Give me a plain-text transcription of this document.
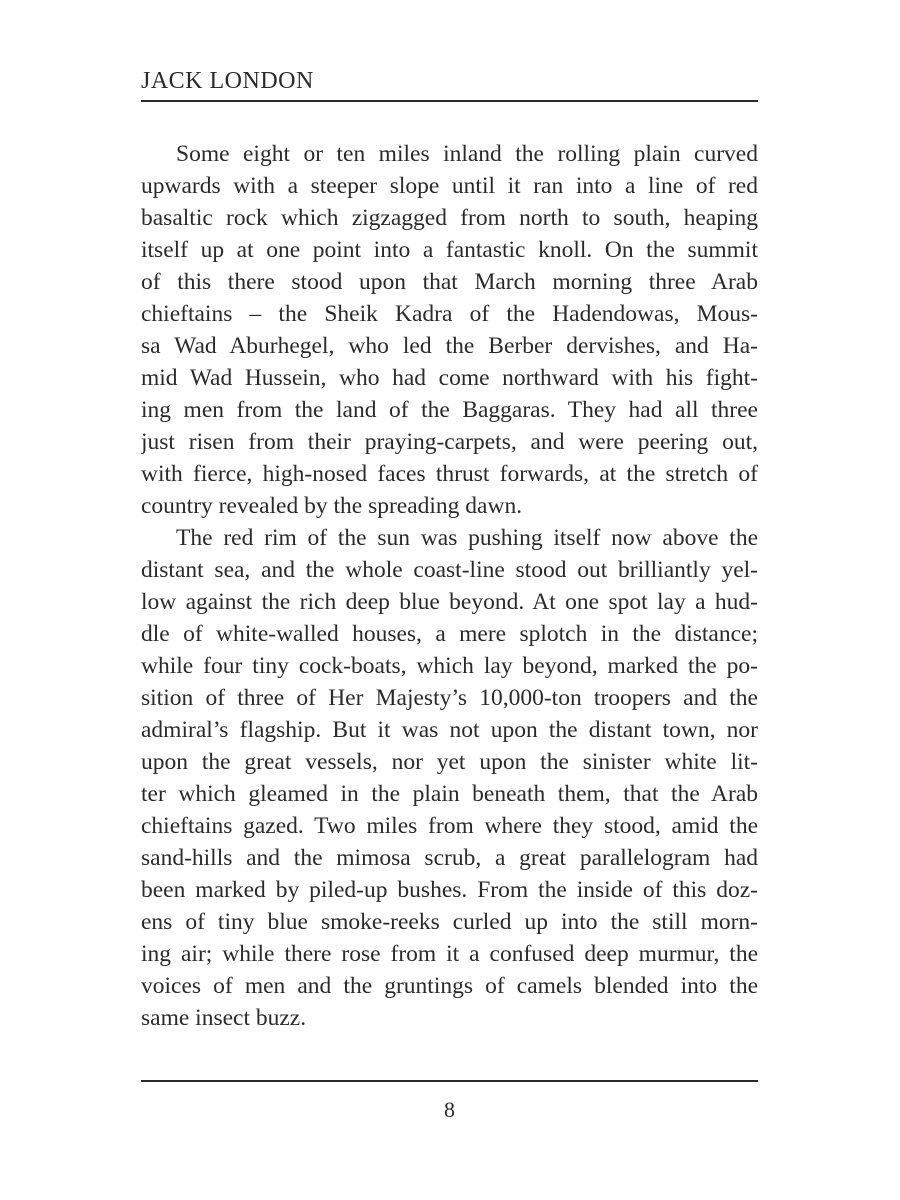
JACK LONDON
Some eight or ten miles inland the rolling plain curved
upwards with a steeper slope until it ran into a line of red
basaltic rock which zigzagged from north to south, heaping
itself up at one point into a fantastic knoll. On the summit
of this there stood upon that March morning three Arab
chieftains – the Sheik Kadra of the Hadendowas, Mous-
sa Wad Aburhegel, who led the Berber dervishes, and Ha-
mid Wad Hussein, who had come northward with his fight-
ing men from the land of the Baggaras. They had all three
just risen from their praying-carpets, and were peering out,
with fierce, high-nosed faces thrust forwards, at the stretch of
country revealed by the spreading dawn.
The red rim of the sun was pushing itself now above the
distant sea, and the whole coast-line stood out brilliantly yel-
low against the rich deep blue beyond. At one spot lay a hud-
dle of white-walled houses, a mere splotch in the distance;
while four tiny cock-boats, which lay beyond, marked the po-
sition of three of Her Majesty’s 10,000-ton troopers and the
admiral’s flagship. But it was not upon the distant town, nor
upon the great vessels, nor yet upon the sinister white lit-
ter which gleamed in the plain beneath them, that the Arab
chieftains gazed. Two miles from where they stood, amid the
sand-hills and the mimosa scrub, a great parallelogram had
been marked by piled-up bushes. From the inside of this doz-
ens of tiny blue smoke-reeks curled up into the still morn-
ing air; while there rose from it a confused deep murmur, the
voices of men and the gruntings of camels blended into the
same insect buzz.
8
